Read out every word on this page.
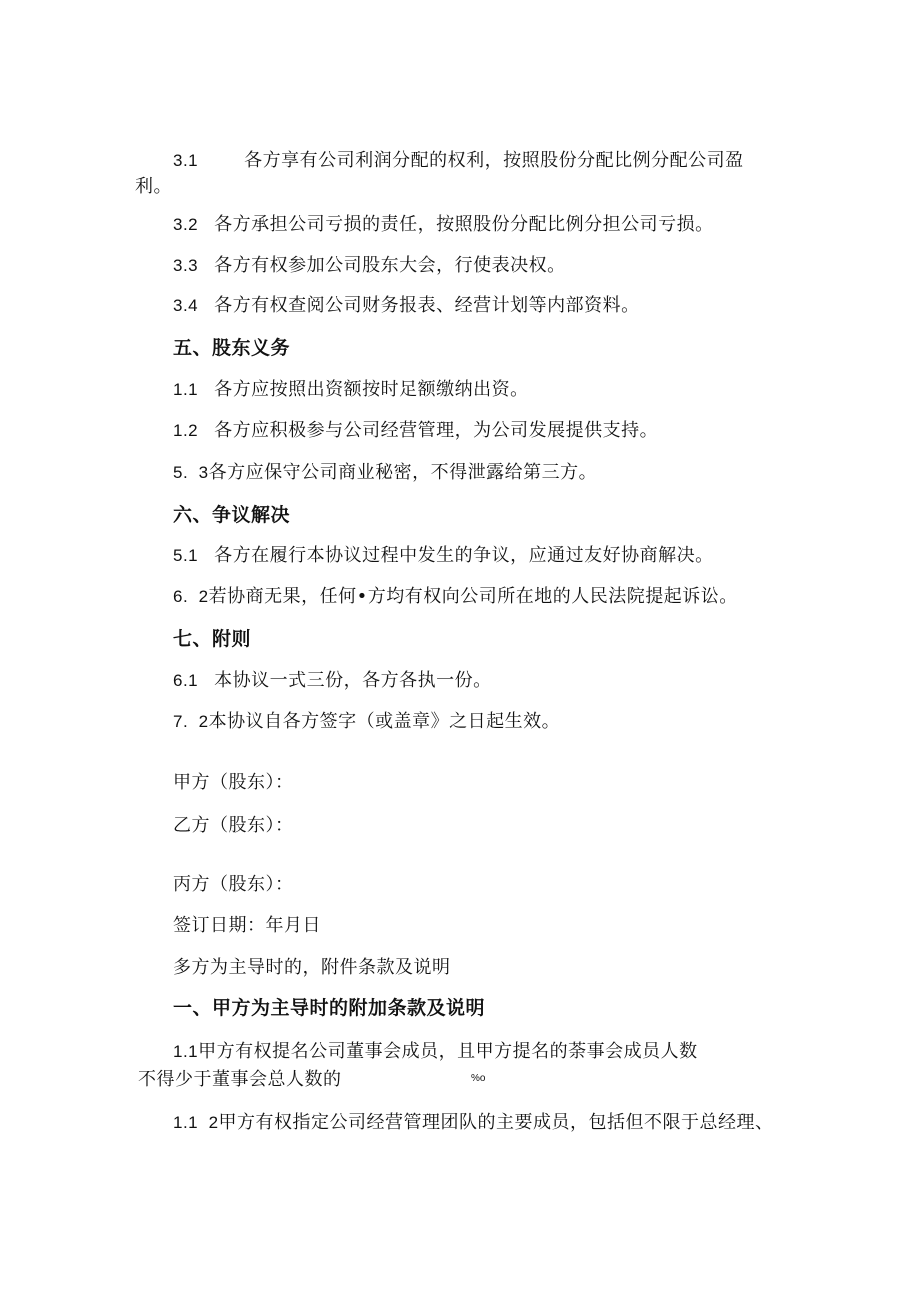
3.1	各方享有公司利润分配的权利，按照股份分配比例分配公司盈
利。
3.2 各方承担公司亏损的责任，按照股份分配比例分担公司亏损。
3.3 各方有权参加公司股东大会，行使表决权。
3.4 各方有权查阅公司财务报表、经营计划等内部资料。
五、股东义务
1.1 各方应按照出资额按时足额缴纳出资。
1.2 各方应积极参与公司经营管理，为公司发展提供支持。
5.  3各方应保守公司商业秘密，不得泄露给第三方。
六、争议解决
5.1 各方在履行本协议过程中发生的争议，应通过友好协商解决。
6.  2若协商无果，任何•方均有权向公司所在地的人民法院提起诉讼。
七、附则
6.1 本协议一式三份，各方各执一份。
7.  2本协议自各方签字（或盖章》之日起生效。
甲方（股东）：
乙方（股东）：
丙方（股东）：
签订日期：年月日
多方为主导时的，附件条款及说明
一、甲方为主导时的附加条款及说明
1.1甲方有权提名公司董事会成员，且甲方提名的荼事会成员人数
不得少于董事会总人数的	%o
1.1  2甲方有权指定公司经营管理团队的主要成员，包括但不限于总经理、
